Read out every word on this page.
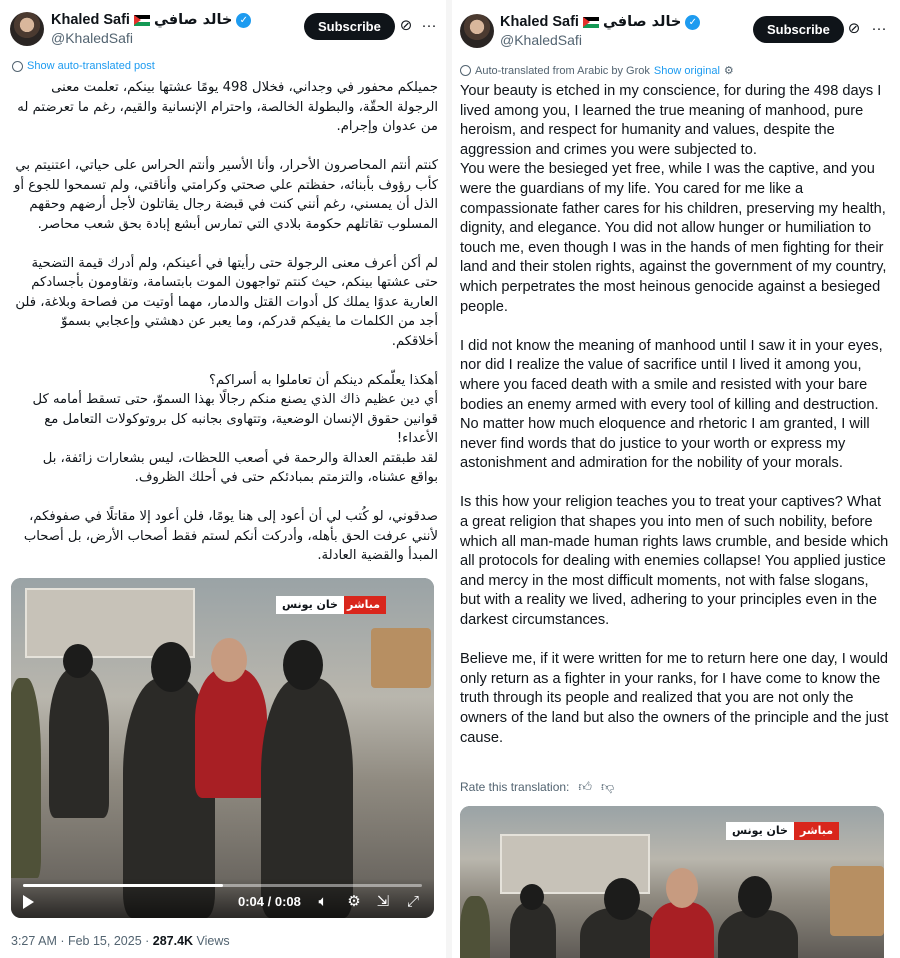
Khaled Safi خالد صافي ✓
@KhaledSafi
Subscribe	⊘ ···
Show auto-translated post

جميلكم محفور في وجداني، فخلال 498 يومًا عشتها بينكم، تعلمت معنى الرجولة الحقّة، والبطولة الخالصة، واحترام الإنسانية والقيم، رغم ما تعرضتم له من عدوان وإجرام.

كنتم أنتم المحاصرون الأحرار، وأنا الأسير وأنتم الحراس على حياتي، اعتنيتم بي كأب رؤوف بأبنائه، حفظتم علي صحتي وكرامتي وأناقتي، ولم تسمحوا للجوع أو الذل أن يمسني، رغم أنني كنت في قبضة رجال يقاتلون لأجل أرضهم وحقهم المسلوب تقاتلهم حكومة بلادي التي تمارس أبشع إبادة بحق شعب محاصر.

لم أكن أعرف معنى الرجولة حتى رأيتها في أعينكم، ولم أدرك قيمة التضحية حتى عشتها بينكم، حيث كنتم تواجهون الموت بابتسامة، وتقاومون بأجسادكم العارية عدوًا يملك كل أدوات القتل والدمار، مهما أوتيت من فصاحة وبلاغة، فلن أجد من الكلمات ما يفيكم قدركم، وما يعبر عن دهشتي وإعجابي بسموّ أخلاقكم.

أهكذا يعلّمكم دينكم أن تعاملوا به أسراكم؟

أي دين عظيم ذاك الذي يصنع منكم رجالًا بهذا السموّ، حتى تسقط أمامه كل قوانين حقوق الإنسان الوضعية، وتتهاوى بجانبه كل بروتوكولات التعامل مع الأعداء!

لقد طبقتم العدالة والرحمة في أصعب اللحظات، ليس بشعارات زائفة، بل بواقع عشناه، والتزمتم بمبادئكم حتى في أحلك الظروف.

صدقوني، لو كُتب لي أن أعود إلى هنا يومًا، فلن أعود إلا مقاتلًا في صفوفكم، لأنني عرفت الحق بأهله، وأدركت أنكم لستم فقط أصحاب الأرض، بل أصحاب المبدأ والقضية العادلة.

مباشر
خان يونس
0:04 / 0:08 🔈︎	⚙︎ ⇲ ⤢
3:27 AM · Feb 15, 2025 · 287.4K Views
Khaled Safi خالد صافي ✓
@KhaledSafi
Subscribe	⊘ ···
Auto-translated from Arabic by Grok Show original ⚙︎

Your beauty is etched in my conscience, for during the 498 days I lived among you, I learned the true meaning of manhood, pure heroism, and respect for humanity and values, despite the aggression and crimes you were subjected to.

You were the besieged yet free, while I was the captive, and you were the guardians of my life. You cared for me like a compassionate father cares for his children, preserving my health, dignity, and elegance. You did not allow hunger or humiliation to touch me, even though I was in the hands of men fighting for their land and their stolen rights, against the government of my country, which perpetrates the most heinous genocide against a besieged people.

I did not know the meaning of manhood until I saw it in your eyes, nor did I realize the value of sacrifice until I lived it among you, where you faced death with a smile and resisted with your bare bodies an enemy armed with every tool of killing and destruction. No matter how much eloquence and rhetoric I am granted, I will never find words that do justice to your worth or express my astonishment and admiration for the nobility of your morals.

Is this how your religion teaches you to treat your captives? What a great religion that shapes you into men of such nobility, before which all man-made human rights laws crumble, and beside which all protocols for dealing with enemies collapse! You applied justice and mercy in the most difficult moments, not with false slogans, but with a reality we lived, adhering to your principles even in the darkest circumstances.

Believe me, if it were written for me to return here one day, I would only return as a fighter in your ranks, for I have come to know the truth through its people and realized that you are not only the owners of the land but also the owners of the principle and the just cause.

Rate this translation: 👍︎ 👎︎
مباشر
خان يونس
